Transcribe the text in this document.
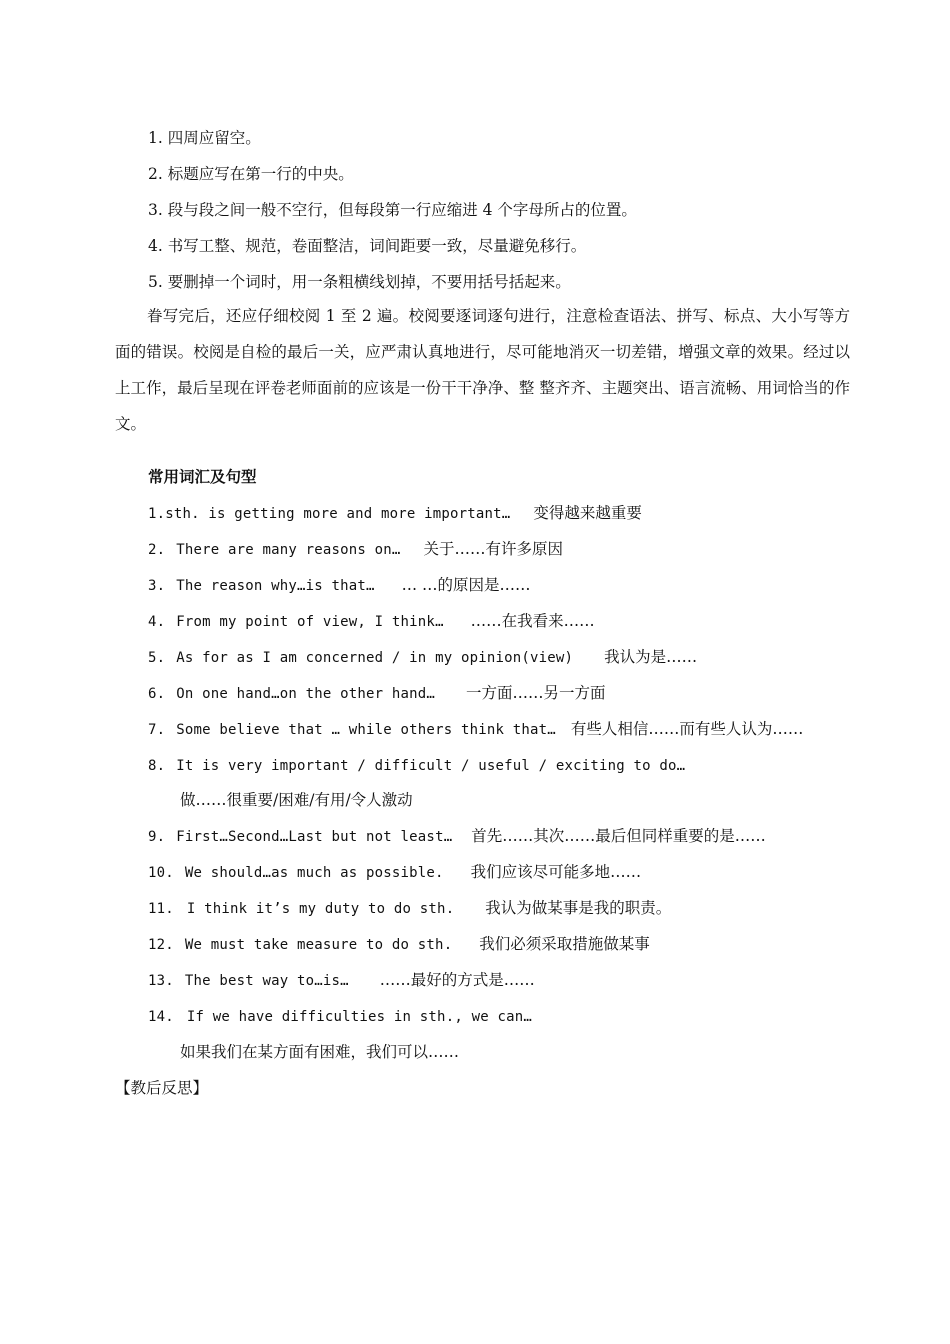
1. 四周应留空。
2. 标题应写在第一行的中央。
3. 段与段之间一般不空行，但每段第一行应缩进 4 个字母所占的位置。
4. 书写工整、规范，卷面整洁，词间距要一致，尽量避免移行。
5. 要删掉一个词时，用一条粗横线划掉，不要用括号括起来。
眷写完后，还应仔细校阅 1 至 2 遍。校阅要逐词逐句进行，注意检查语法、拼写、标点、大小写等方面的错误。校阅是自检的最后一关，应严肃认真地进行，尽可能地消灭一切差错，增强文章的效果。经过以上工作，最后呈现在评卷老师面前的应该是一份干干净净、整 整齐齐、主题突出、语言流畅、用词恰当的作文。
常用词汇及句型
1.sth. is getting more and more important… 变得越来越重要
2. There are many reasons on… 关于……有许多原因
3. The reason why…is that… … …的原因是……
4. From my point of view, I think… ……在我看来……
5. As for as I am concerned / in my opinion(view) 我认为是……
6. On one hand…on the other hand… 一方面……另一方面
7. Some believe that … while others think that… 有些人相信……而有些人认为……
8. It is very important / difficult / useful / exciting to do…
做……很重要/困难/有用/令人激动
9. First…Second…Last but not least… 首先……其次……最后但同样重要的是……
10. We should…as much as possible. 我们应该尽可能多地……
11. I think it’s my duty to do sth. 我认为做某事是我的职责。
12. We must take measure to do sth. 我们必须采取措施做某事
13. The best way to…is… ……最好的方式是……
14. If we have difficulties in sth., we can…
如果我们在某方面有困难，我们可以……
【教后反思】
